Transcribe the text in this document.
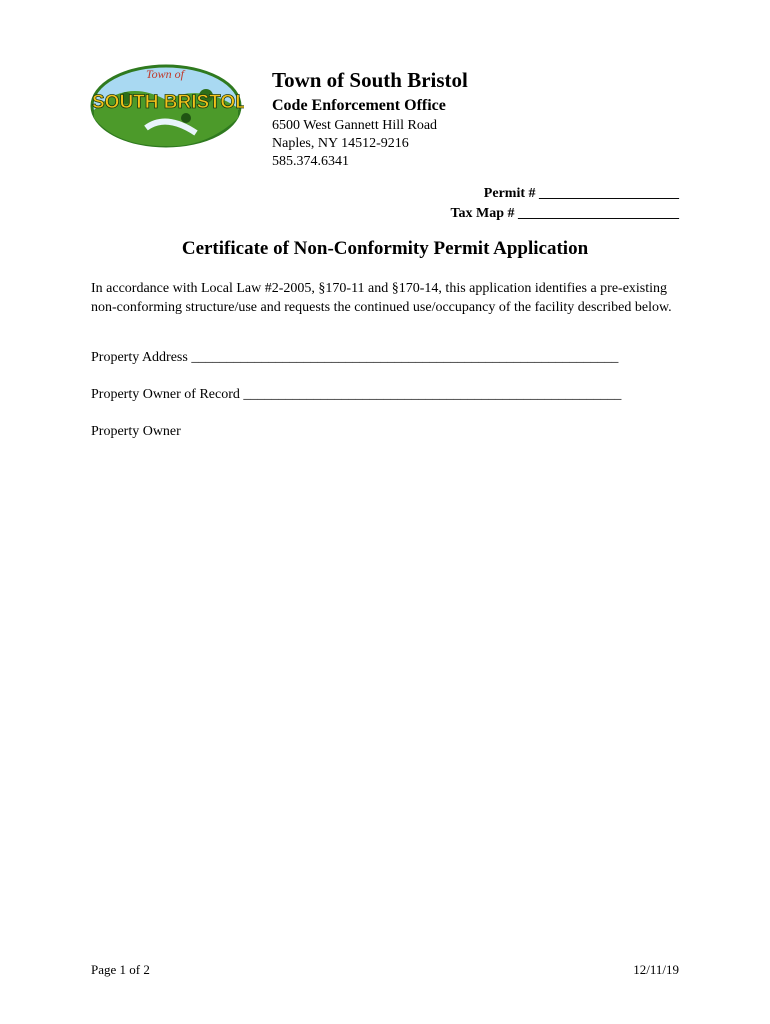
Town of
SOUTH BRISTOL
Town of South Bristol
Code Enforcement Office
6500 West Gannett Hill Road
Naples, NY 14512-9216
585.374.6341
Permit # ____________________
Tax Map # _______________________
Certificate of Non-Conformity Permit Application
In accordance with Local Law #2-2005, §170-11 and §170-14, this application identifies a pre-existing non-conforming structure/use and requests the continued use/occupancy of the facility described below.
Property Address _____________________________________________________________
Property Owner of Record ______________________________________________________
Property Owner
Page 1 of 2	12/11/19
